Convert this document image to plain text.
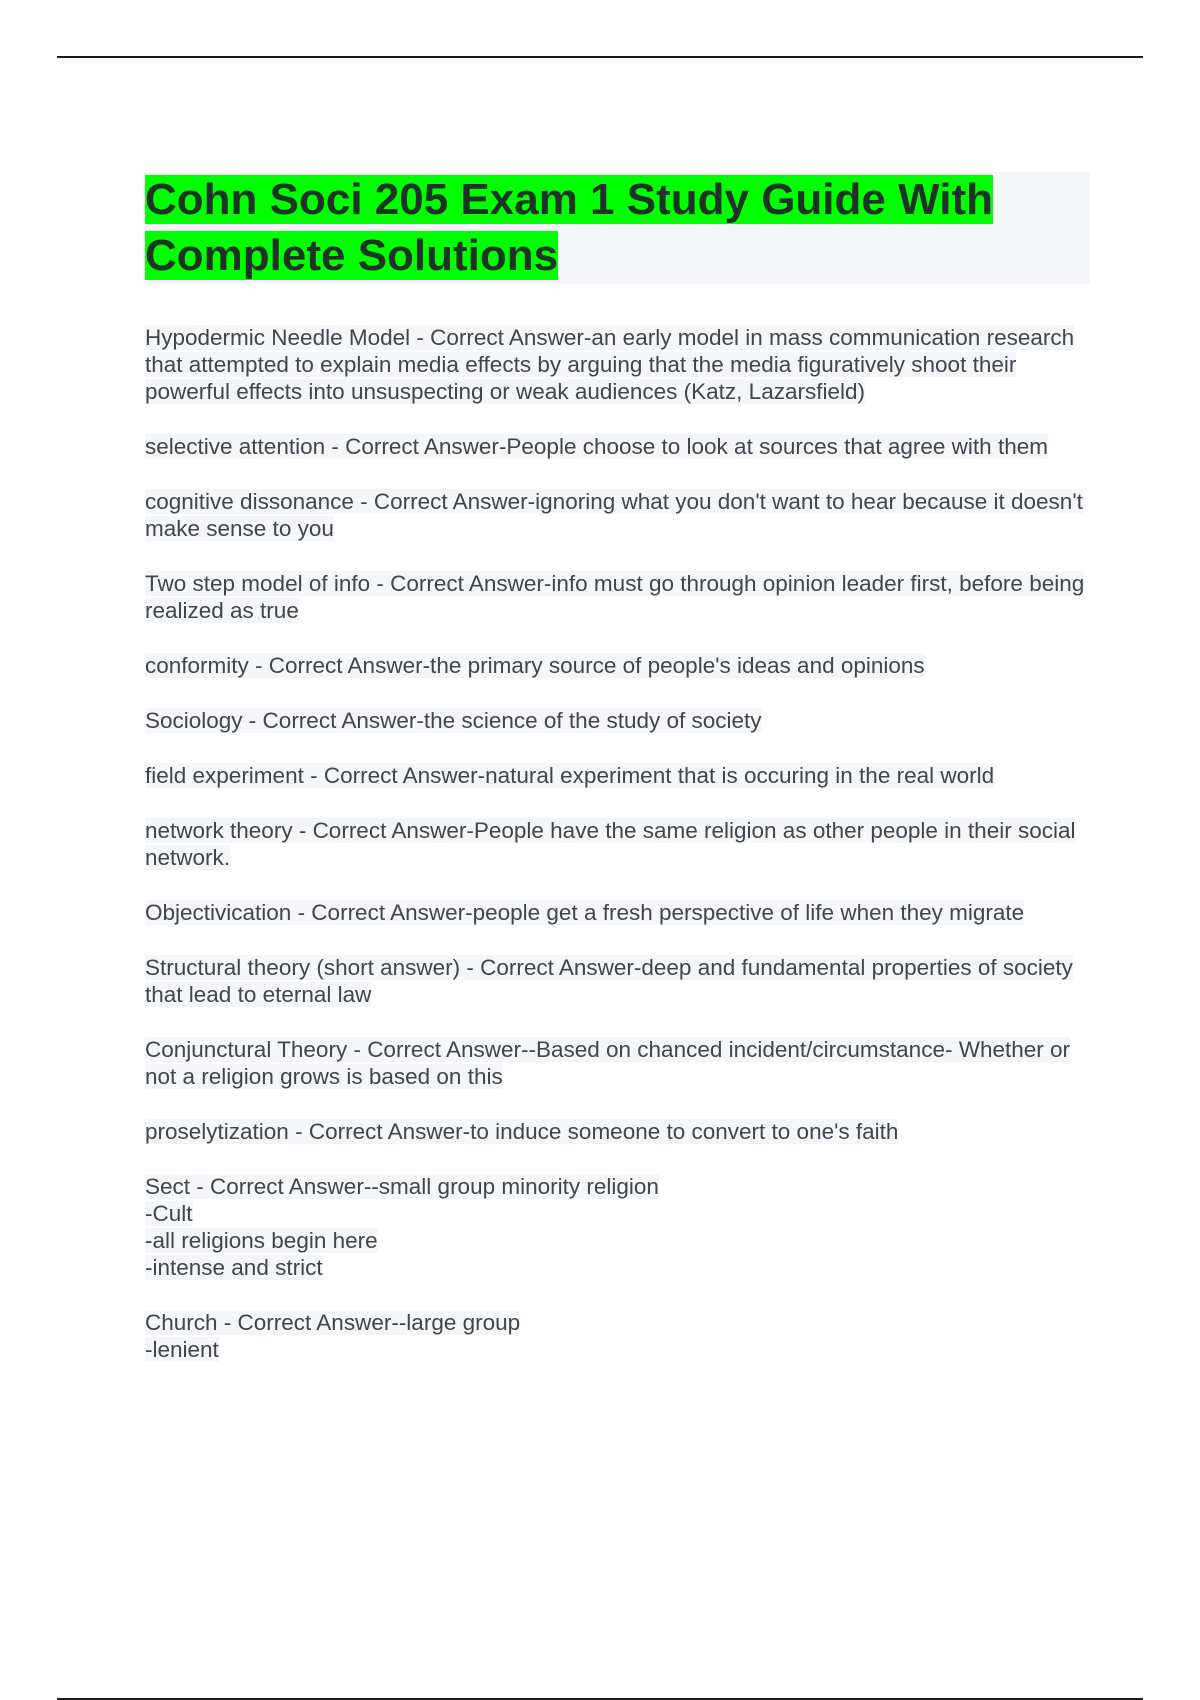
Cohn Soci 205 Exam 1 Study Guide With Complete Solutions

Hypodermic Needle Model - Correct Answer-an early model in mass communication research that attempted to explain media effects by arguing that the media figuratively shoot their powerful effects into unsuspecting or weak audiences (Katz, Lazarsfield)

selective attention - Correct Answer-People choose to look at sources that agree with them

cognitive dissonance - Correct Answer-ignoring what you don't want to hear because it doesn't make sense to you

Two step model of info - Correct Answer-info must go through opinion leader first, before being realized as true

conformity - Correct Answer-the primary source of people's ideas and opinions

Sociology - Correct Answer-the science of the study of society

field experiment - Correct Answer-natural experiment that is occuring in the real world

network theory - Correct Answer-People have the same religion as other people in their social network.

Objectivication - Correct Answer-people get a fresh perspective of life when they migrate

Structural theory (short answer) - Correct Answer-deep and fundamental properties of society that lead to eternal law

Conjunctural Theory - Correct Answer--Based on chanced incident/circumstance- Whether or not a religion grows is based on this

proselytization - Correct Answer-to induce someone to convert to one's faith

Sect - Correct Answer--small group minority religion
-Cult
-all religions begin here
-intense and strict

Church - Correct Answer--large group
-lenient
